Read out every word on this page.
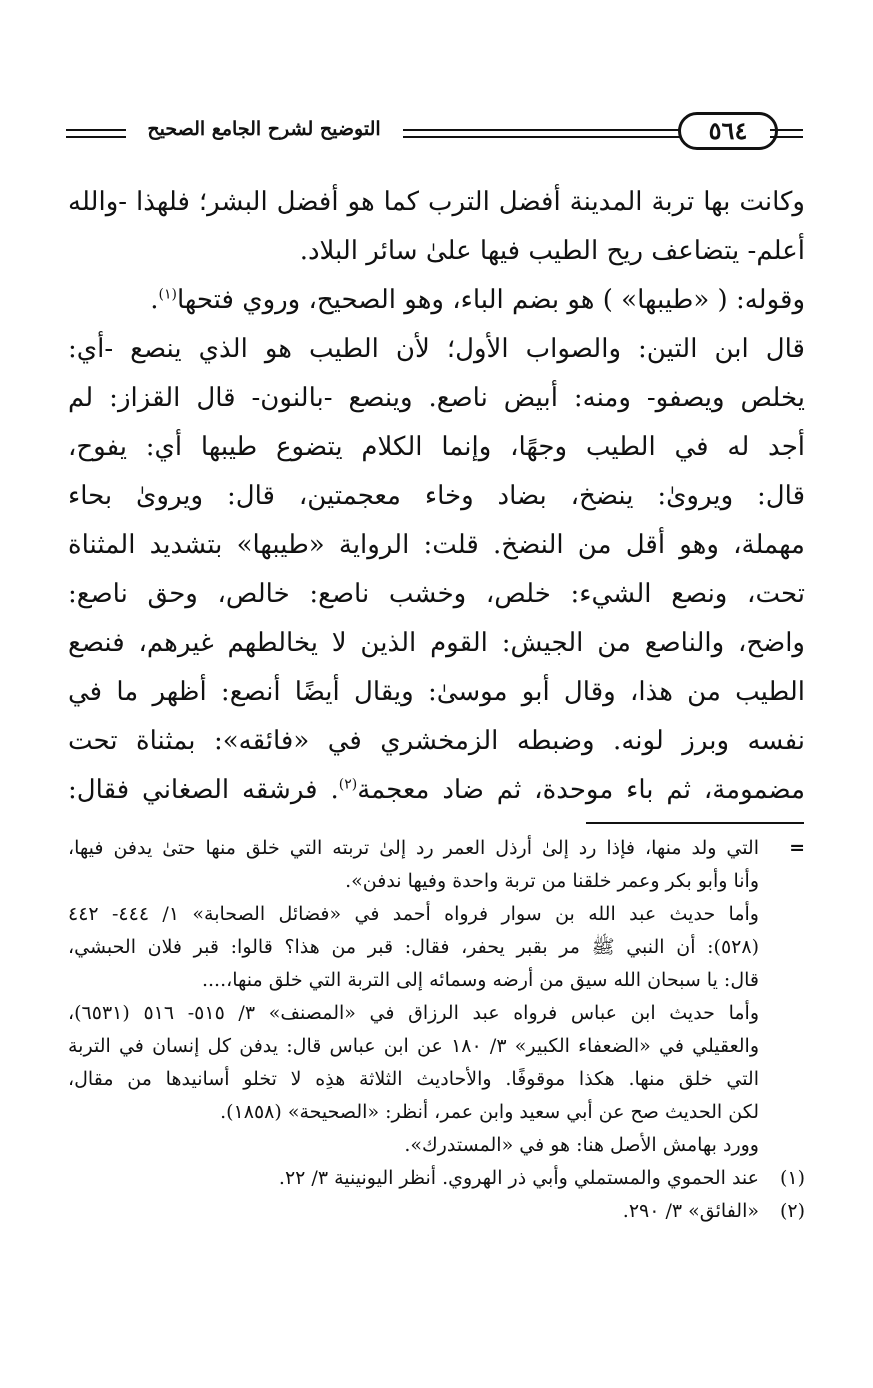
التوضيح لشرح الجامع الصحيح	٥٦٤
وكانت بها تربة المدينة أفضل الترب كما هو أفضل البشر؛ فلهذا -والله
أعلم- يتضاعف ريح الطيب فيها علىٰ سائر البلاد.
وقوله: ( «طيبها» ) هو بضم الباء، وهو الصحيح، وروي فتحها$^{(١)}$.
قال ابن التين: والصواب الأول؛ لأن الطيب هو الذي ينصع -أي:
يخلص ويصفو- ومنه: أبيض ناصع. وينصع -بالنون- قال القزاز: لم
أجد له في الطيب وجهًا، وإنما الكلام يتضوع طيبها أي: يفوح،
قال: ويروىٰ: ينضخ، بضاد وخاء معجمتين، قال: ويروىٰ بحاء
مهملة، وهو أقل من النضخ. قلت: الرواية «طيبها» بتشديد المثناة
تحت، ونصع الشيء: خلص، وخشب ناصع: خالص، وحق ناصع:
واضح، والناصع من الجيش: القوم الذين لا يخالطهم غيرهم، فنصع
الطيب من هذا، وقال أبو موسىٰ: ويقال أيضًا أنصع: أظهر ما في
نفسه وبرز لونه. وضبطه الزمخشري في «فائقه»: بمثناة تحت
مضمومة، ثم باء موحدة، ثم ضاد معجمة$^{(٢)}$. فرشقه الصغاني فقال:
=التي ولد منها، فإذا رد إلىٰ أرذل العمر رد إلىٰ تربته التي خلق منها حتىٰ يدفن فيها،
وأنا وأبو بكر وعمر خلقنا من تربة واحدة وفيها ندفن».
وأما حديث عبد الله بن سوار فرواه أحمد في «فضائل الصحابة» ١/ ٤٤٤- ٤٤٢
(٥٢٨): أن النبي ﷺ مر بقبر يحفر، فقال: قبر من هذا؟ قالوا: قبر فلان الحبشي،
قال: يا سبحان الله سيق من أرضه وسمائه إلى التربة التي خلق منها،....
وأما حديث ابن عباس فرواه عبد الرزاق في «المصنف» ٣/ ٥١٥- ٥١٦ (٦٥٣١)،
والعقيلي في «الضعفاء الكبير» ٣/ ١٨٠ عن ابن عباس قال: يدفن كل إنسان في التربة
التي خلق منها. هكذا موقوفًا. والأحاديث الثلاثة هذِه لا تخلو أسانيدها من مقال،
لكن الحديث صح عن أبي سعيد وابن عمر، أنظر: «الصحيحة» (١٨٥٨).
وورد بهامش الأصل هنا: هو في «المستدرك».
(١)
عند الحموي والمستملي وأبي ذر الهروي. أنظر اليونينية ٣/ ٢٢.
(٢)
«الفائق» ٣/ ٢٩٠.
